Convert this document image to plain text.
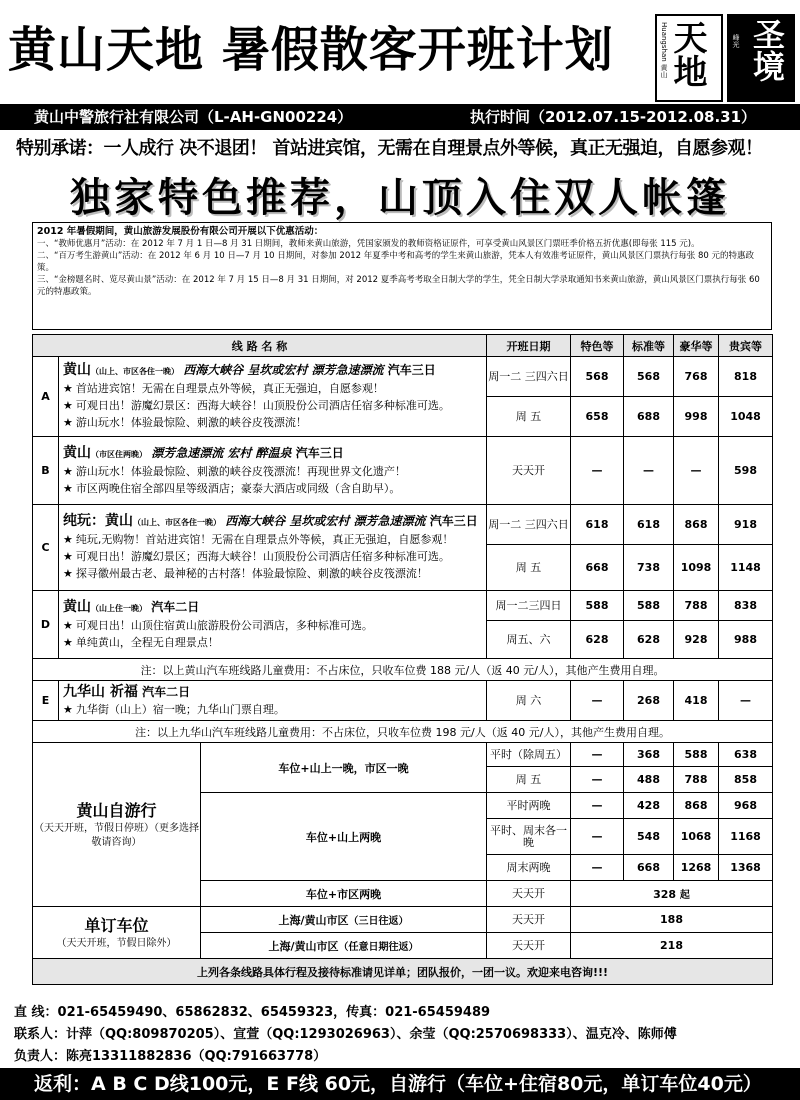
黄山天地 暑假散客开班计划	Huangshan 黄山 天地	峰光 圣境
黄山中警旅行社有限公司（L-AH-GN00224）	执行时间（2012.07.15-2012.08.31）
特别承诺：一人成行 决不退团！ 首站进宾馆，无需在自理景点外等候，真正无强迫，自愿参观！
独家特色推荐，山顶入住双人帐篷
2012 年暑假期间，黄山旅游发展股份有限公司开展以下优惠活动：
一、“教师优惠月”活动：在 2012 年 7 月 1 日—8 月 31 日期间，教师来黄山旅游，凭国家颁发的教师资格证原件，可享受黄山风景区门票旺季价格五折优惠(即每张 115 元)。
二、“百万考生游黄山”活动：在 2012 年 6 月 10 日—7 月 10 日期间，对参加 2012 年夏季中考和高考的学生来黄山旅游，凭本人有效准考证原件，黄山风景区门票执行每张 80 元的特惠政策。
三、“金榜题名时、览尽黄山景”活动：在 2012 年 7 月 15 日—8 月 31 日期间，对 2012 夏季高考考取全日制大学的学生，凭全日制大学录取通知书来黄山旅游，黄山风景区门票执行每张 60 元的特惠政策。
线 路 名 称			开班日期	特色等	标准等	豪华等	贵宾等
A	黄山（山上、市区各住一晚） 西海大峡谷 呈坎或宏村 漂芳急速漂流 汽车三日
★ 首站进宾馆！无需在自理景点外等候，真正无强迫，自愿参观！
★ 可观日出！游魔幻景区：西海大峡谷！山顶股份公司酒店任宿多种标准可选。
★ 游山玩水！体验最惊险、刺激的峡谷皮筏漂流！		周一二 三四六日	568	568	768	818
			周 五	658	688	998	1048
B	黄山（市区住两晚） 漂芳急速漂流 宏村 醉温泉 汽车三日
★ 游山玩水！体验最惊险、刺激的峡谷皮筏漂流！再现世界文化遗产！
★ 市区两晚住宿全部四星等级酒店；豪泰大酒店或同级（含自助早）。		天天开	—	—	—	598
C	纯玩：黄山（山上、市区各住一晚） 西海大峡谷 呈坎或宏村 漂芳急速漂流 汽车三日
★ 纯玩,无购物！首站进宾馆！无需在自理景点外等候，真正无强迫，自愿参观！
★ 可观日出！游魔幻景区；西海大峡谷！山顶股份公司酒店任宿多种标准可选。
★ 探寻徽州最古老、最神秘的古村落！体验最惊险、刺激的峡谷皮筏漂流！		周一二 三四六日	618	618	868	918
			周 五	668	738	1098	1148
D	黄山（山上住一晚） 汽车二日
★ 可观日出！山顶住宿黄山旅游股份公司酒店，多种标准可选。
★ 单纯黄山，全程无自理景点！		周一二三四日	588	588	788	838
			周五、六	628	628	928	988
注：以上黄山汽车班线路儿童费用：不占床位，只收车位费 188 元/人（返 40 元/人），其他产生费用自理。							
E	九华山 祈福 汽车二日
★ 九华街（山上）宿一晚；九华山门票自理。		周 六	—	268	418	—
注：以上九华山汽车班线路儿童费用：不占床位，只收车位费 198 元/人（返 40 元/人），其他产生费用自理。							

黄山自游行
（天天开班，节假日停班）（更多选择敬请咨询）		车位+山上一晚，市区一晚	平时（除周五）	—	368	588	638
			周 五	—	488	788	858
		车位+山上两晚	平时两晚	—	428	868	968
			平时、周末各一晚	—	548	1068	1168
			周末两晚	—	668	1268	1368
		车位+市区两晚	天天开	328 起			

单订车位
（天天开班，节假日除外）		上海/黄山市区（三日往返）	天天开	188			
		上海/黄山市区（任意日期往返）	天天开	218			
上列各条线路具体行程及接待标准请见详单；团队报价，一团一议。欢迎来电咨询!!!							
直 线：021-65459490、65862832、65459323，传真：021-65459489
联系人：计萍（QQ:809870205）、宣萱（QQ:1293026963）、余莹（QQ:2570698333）、温克冷、陈师傅
负责人：陈亮13311882836（QQ:791663778）
返利：A B C D线100元，E F线 60元，自游行（车位+住宿80元，单订车位40元）
